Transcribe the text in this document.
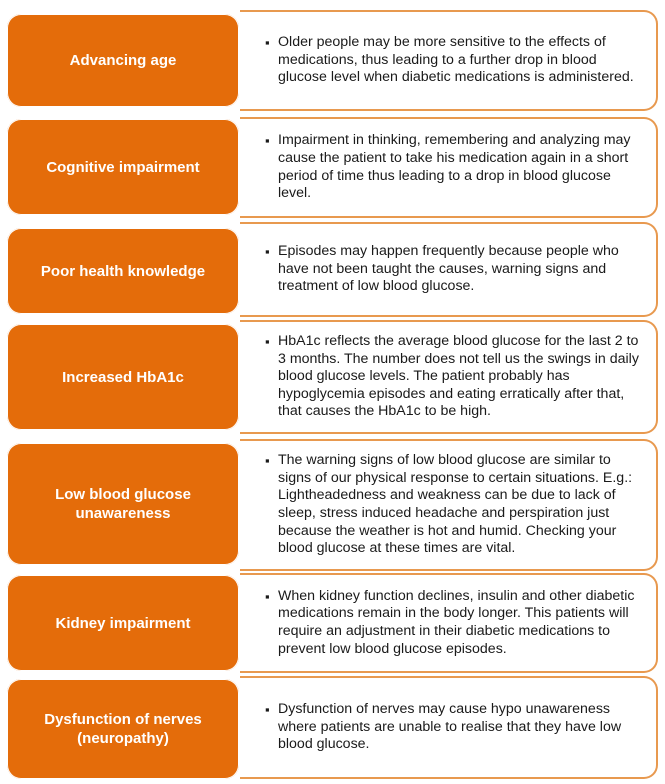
Advancing age
▪ Older people may be more sensitive to the effects of medications, thus leading to a further drop in blood glucose level when diabetic medications is administered.
Cognitive impairment
▪ Impairment in thinking, remembering and analyzing may cause the patient to take his medication again in a short period of time thus leading to a drop in blood glucose level.
Poor health knowledge
▪ Episodes may happen frequently because people who have not been taught the causes, warning signs and treatment of low blood glucose.
Increased HbA1c
▪ HbA1c reflects the average blood glucose for the last 2 to 3 months. The number does not tell us the swings in daily blood glucose levels. The patient probably has hypoglycemia episodes and eating erratically after that, that causes the HbA1c to be high.
Low blood glucose unawareness
▪ The warning signs of low blood glucose are similar to signs of our physical response to certain situations. E.g.: Lightheadedness and weakness can be due to lack of sleep, stress induced headache and perspiration just because the weather is hot and humid. Checking your blood glucose at these times are vital.
Kidney impairment
▪ When kidney function declines, insulin and other diabetic medications remain in the body longer. This patients will require an adjustment in their diabetic medications to prevent low blood glucose episodes.
Dysfunction of nerves (neuropathy)
▪ Dysfunction of nerves may cause hypo unawareness where patients are unable to realise that they have low blood glucose.
